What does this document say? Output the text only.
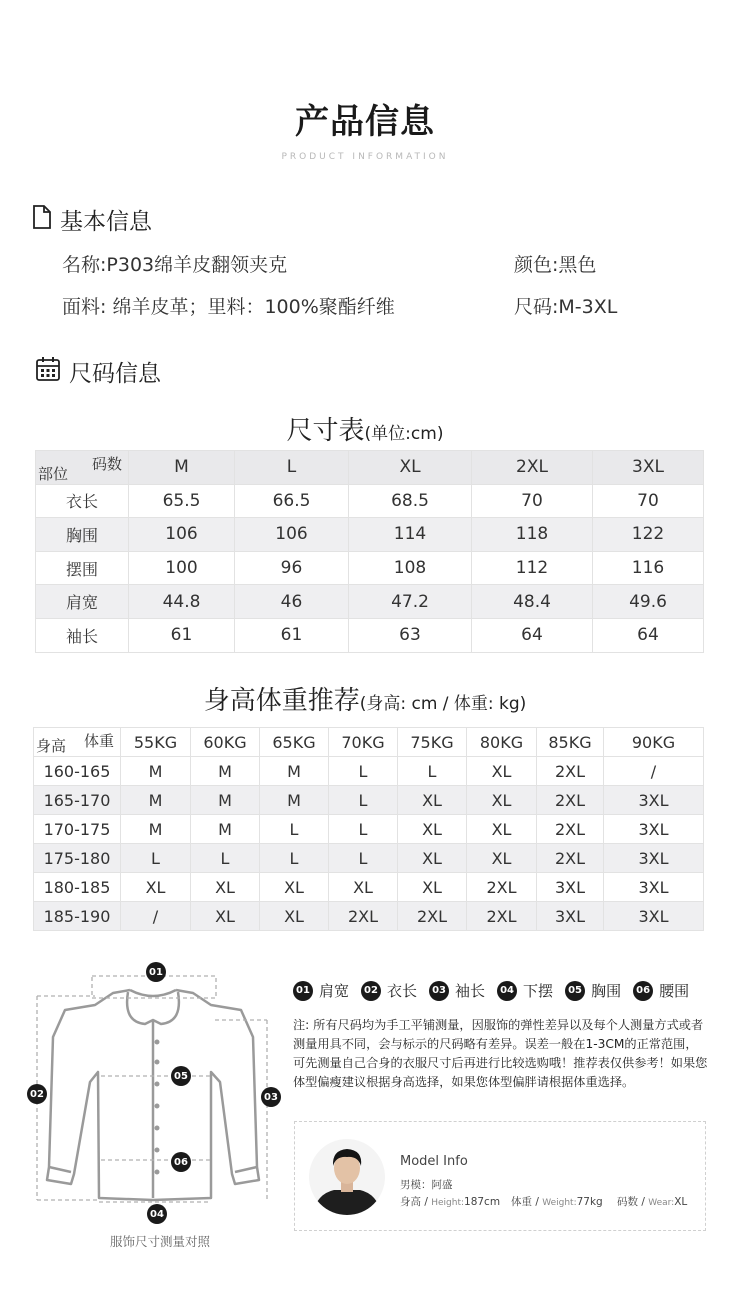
产品信息
PRODUCT INFORMATION
基本信息
名称:P303绵羊皮翻领夹克	颜色:黑色
面料: 绵羊皮革；里料：100%聚酯纤维	尺码:M-3XL
尺码信息
尺寸表(单位:cm)
码数
部位	M	L	XL	2XL	3XL
衣长	65.5	66.5	68.5	70	70
胸围	106	106	114	118	122
摆围	100	96	108	112	116
肩宽	44.8	46	47.2	48.4	49.6
袖长	61	61	63	64	64
身高体重推荐(身高: cm / 体重: kg)
体重
身高	55KG	60KG	65KG	70KG	75KG	80KG	85KG	90KG
160-165	M	M	M	L	L	XL	2XL	/
165-170	M	M	M	L	XL	XL	2XL	3XL
170-175	M	M	L	L	XL	XL	2XL	3XL
175-180	L	L	L	L	XL	XL	2XL	3XL
180-185	XL	XL	XL	XL	XL	2XL	3XL	3XL
185-190	/	XL	XL	2XL	2XL	2XL	3XL	3XL
01
02	03
04
05
06
服饰尺寸测量对照
01 肩宽	02 衣长	03 袖长	04 下摆	05 胸围	06 腰围
注: 所有尺码均为手工平铺测量，因服饰的弹性差异以及每个人测量方式或者测量用具不同，会与标示的尺码略有差异。误差一般在1-3CM的正常范围，可先测量自己合身的衣服尺寸后再进行比较选购哦！推荐表仅供参考！如果您体型偏瘦建议根据身高选择，如果您体型偏胖请根据体重选择。
Model Info
男模：阿盛
身高 / Height:187cm 体重 / Weight:77kg 码数 / Wear:XL
